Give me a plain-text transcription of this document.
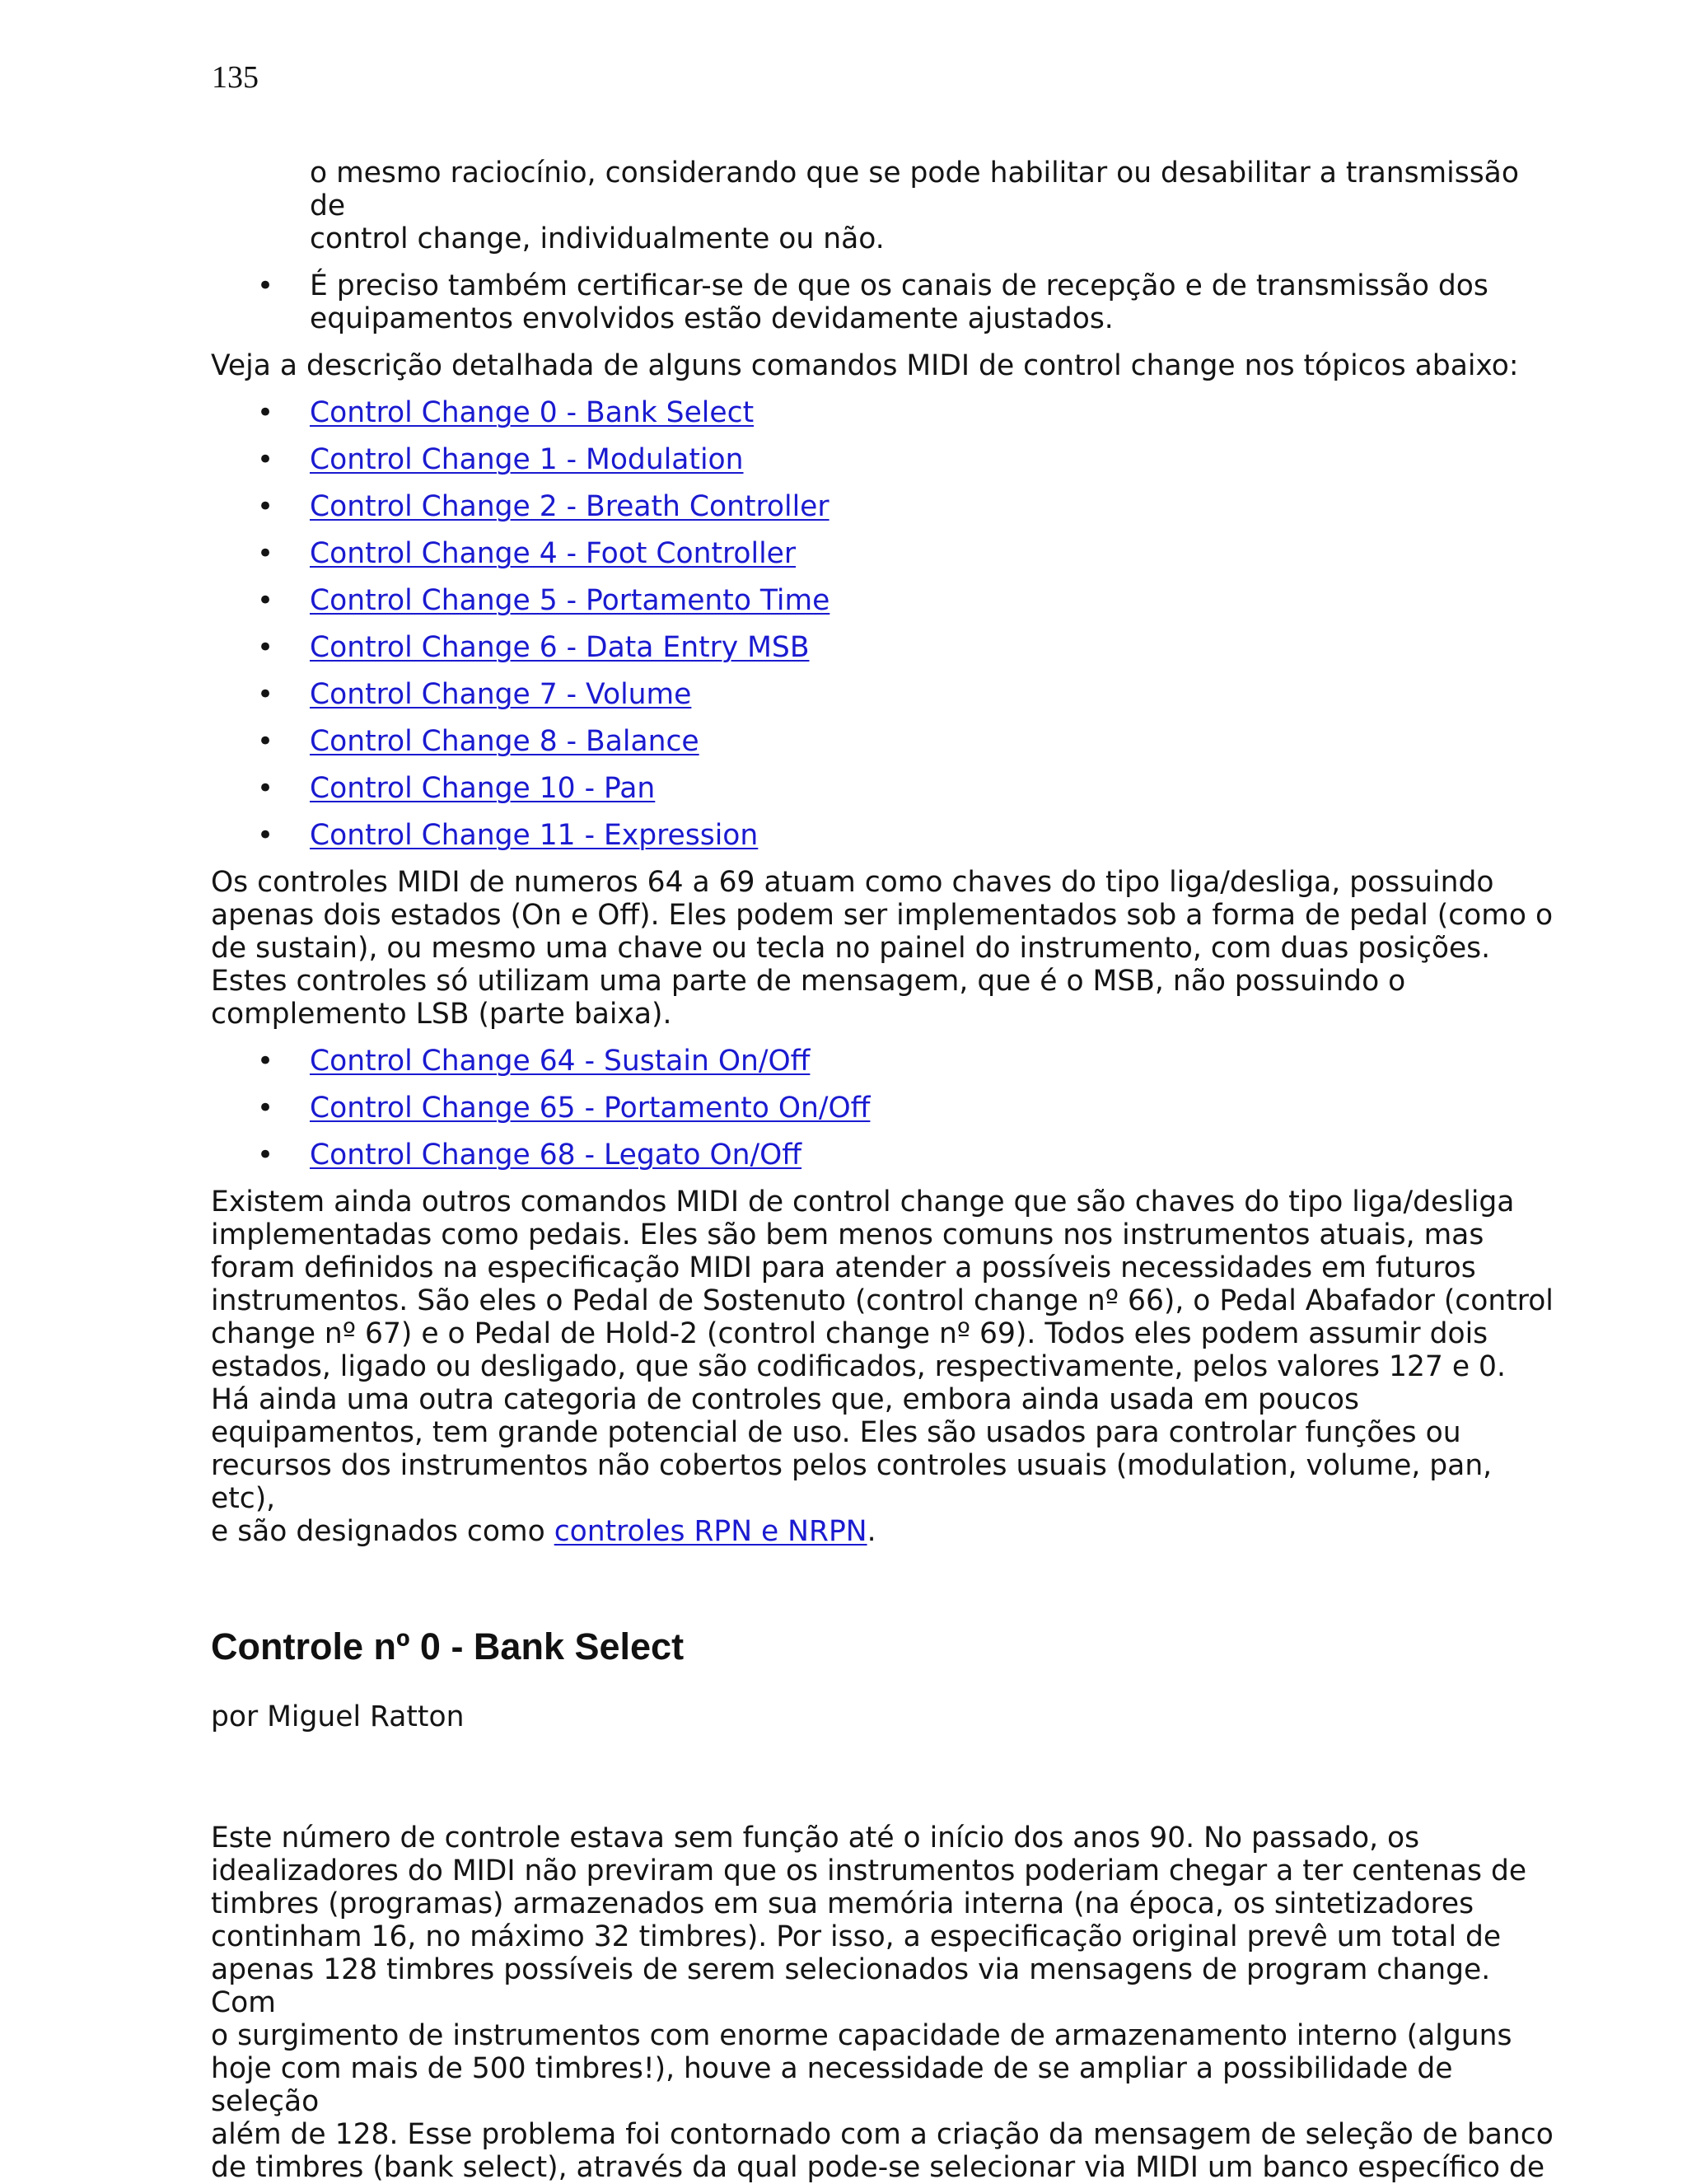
135
o mesmo raciocínio, considerando que se pode habilitar ou desabilitar a transmissão de
control change, individualmente ou não.
• É preciso também certificar-se de que os canais de recepção e de transmissão dos
equipamentos envolvidos estão devidamente ajustados.

Veja a descrição detalhada de alguns comandos MIDI de control change nos tópicos abaixo:

• Control Change 0 - Bank Select
• Control Change 1 - Modulation
• Control Change 2 - Breath Controller
• Control Change 4 - Foot Controller
• Control Change 5 - Portamento Time
• Control Change 6 - Data Entry MSB
• Control Change 7 - Volume
• Control Change 8 - Balance
• Control Change 10 - Pan
• Control Change 11 - Expression
Os controles MIDI de numeros 64 a 69 atuam como chaves do tipo liga/desliga, possuindo
apenas dois estados (On e Off). Eles podem ser implementados sob a forma de pedal (como o
de sustain), ou mesmo uma chave ou tecla no painel do instrumento, com duas posições.
Estes controles só utilizam uma parte de mensagem, que é o MSB, não possuindo o
complemento LSB (parte baixa).
• Control Change 64 - Sustain On/Off
• Control Change 65 - Portamento On/Off
• Control Change 68 - Legato On/Off
Existem ainda outros comandos MIDI de control change que são chaves do tipo liga/desliga
implementadas como pedais. Eles são bem menos comuns nos instrumentos atuais, mas
foram definidos na especificação MIDI para atender a possíveis necessidades em futuros
instrumentos. São eles o Pedal de Sostenuto (control change nº 66), o Pedal Abafador (control
change nº 67) e o Pedal de Hold-2 (control change nº 69). Todos eles podem assumir dois
estados, ligado ou desligado, que são codificados, respectivamente, pelos valores 127 e 0.
Há ainda uma outra categoria de controles que, embora ainda usada em poucos
equipamentos, tem grande potencial de uso. Eles são usados para controlar funções ou
recursos dos instrumentos não cobertos pelos controles usuais (modulation, volume, pan, etc),
e são designados como controles RPN e NRPN.
Controle nº 0 - Bank Select

por Miguel Ratton

Este número de controle estava sem função até o início dos anos 90. No passado, os
idealizadores do MIDI não previram que os instrumentos poderiam chegar a ter centenas de
timbres (programas) armazenados em sua memória interna (na época, os sintetizadores
continham 16, no máximo 32 timbres). Por isso, a especificação original prevê um total de
apenas 128 timbres possíveis de serem selecionados via mensagens de program change. Com
o surgimento de instrumentos com enorme capacidade de armazenamento interno (alguns
hoje com mais de 500 timbres!), houve a necessidade de se ampliar a possibilidade de seleção
além de 128. Esse problema foi contornado com a criação da mensagem de seleção de banco
de timbres (bank select), através da qual pode-se selecionar via MIDI um banco específico de
